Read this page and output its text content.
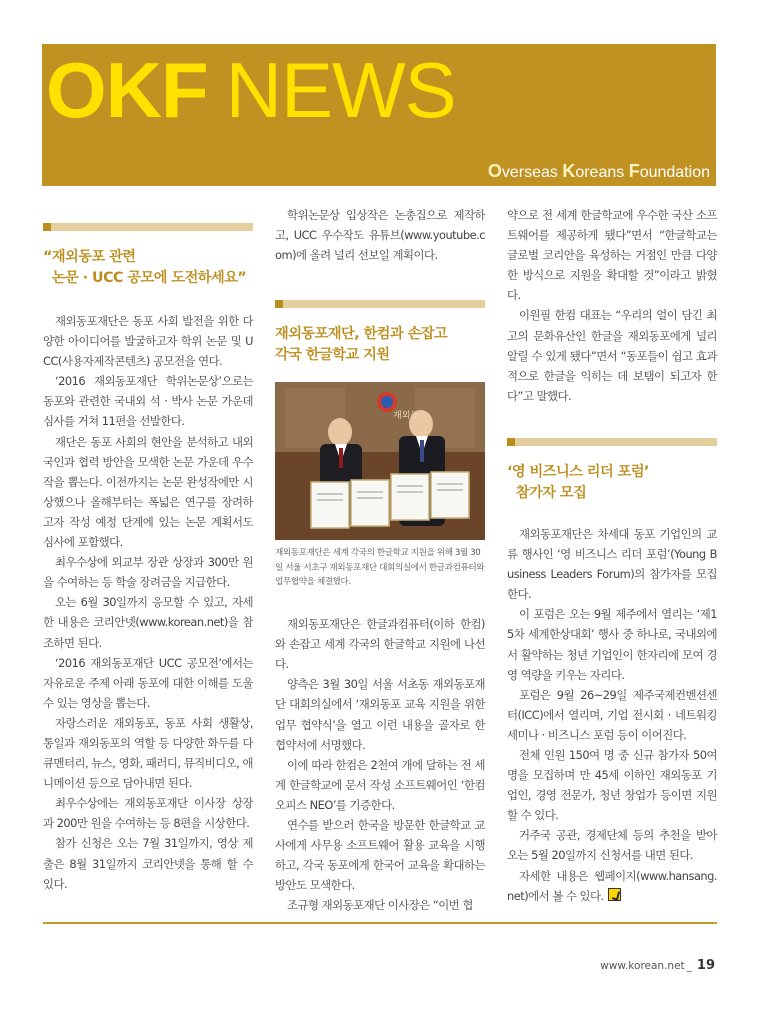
OKF NEWS
Overseas Koreans Foundation
“재외동포 관련
논문 · UCC 공모에 도전하세요”

재외동포재단은 동포 사회 발전을 위한 다양한 아이디어를 발굴하고자 학위 논문 및 UCC(사용자제작콘텐츠) 공모전을 연다.

‘2016 재외동포재단 학위논문상’으로는 동포와 관련한 국내외 석 · 박사 논문 가운데 심사를 거쳐 11편을 선발한다.

재단은 동포 사회의 현안을 분석하고 내외국인과 협력 방안을 모색한 논문 가운데 우수작을 뽑는다. 이전까지는 논문 완성작에만 시상했으나 올해부터는 폭넓은 연구를 장려하고자 작성 예정 단계에 있는 논문 계획서도 심사에 포함했다.

최우수상에 외교부 장관 상장과 300만 원을 수여하는 등 학술 장려금을 지급한다.

오는 6월 30일까지 응모할 수 있고, 자세한 내용은 코리안넷(www.korean.net)을 참조하면 된다.

‘2016 재외동포재단 UCC 공모전’에서는 자유로운 주제 아래 동포에 대한 이해를 도울 수 있는 영상을 뽑는다.

자랑스러운 재외동포, 동포 사회 생활상, 통일과 재외동포의 역할 등 다양한 화두를 다큐멘터리, 뉴스, 영화, 패러디, 뮤직비디오, 애니메이션 등으로 담아내면 된다.

최우수상에는 재외동포재단 이사장 상장과 200만 원을 수여하는 등 8편을 시상한다.

참가 신청은 오는 7월 31일까지, 영상 제출은 8월 31일까지 코리안넷을 통해 할 수 있다.

학위논문상 입상작은 논총집으로 제작하고, UCC 우수작도 유튜브(www.youtube.com)에 올려 널리 선보일 계획이다.

재외동포재단, 한컴과 손잡고
각국 한글학교 지원
재외동

재외동포재단은 세계 각국의 한글학교 지원을 위해 3월 30일 서울 서초구 재외동포재단 대회의실에서 한글과컴퓨터와 업무협약을 체결했다.

재외동포재단은 한글과컴퓨터(이하 한컴)와 손잡고 세계 각국의 한글학교 지원에 나선다.

양측은 3월 30일 서울 서초동 재외동포재단 대회의실에서 ‘재외동포 교육 지원을 위한 업무 협약식’을 열고 이런 내용을 골자로 한 협약서에 서명했다.

이에 따라 한컴은 2천여 개에 달하는 전 세계 한글학교에 문서 작성 소프트웨어인 ‘한컴오피스 NEO’를 기증한다.

연수를 받으러 한국을 방문한 한글학교 교사에게 사무용 소프트웨어 활용 교육을 시행하고, 각국 동포에게 한국어 교육을 확대하는 방안도 모색한다.

조규형 재외동포재단 이사장은 “이번 협

약으로 전 세계 한글학교에 우수한 국산 소프트웨어를 제공하게 됐다”면서 “한글학교는 글로벌 코리안을 육성하는 거점인 만큼 다양한 방식으로 지원을 확대할 것”이라고 밝혔다.

이원필 한컴 대표는 “우리의 얼이 담긴 최고의 문화유산인 한글을 재외동포에게 널리 알릴 수 있게 됐다”면서 “동포들이 쉽고 효과적으로 한글을 익히는 데 보탬이 되고자 한다”고 말했다.

‘영 비즈니스 리더 포럼’
참가자 모집

재외동포재단은 차세대 동포 기업인의 교류 행사인 ‘영 비즈니스 리더 포럼’(Young Business Leaders Forum)의 참가자를 모집한다.

이 포럼은 오는 9월 제주에서 열리는 ‘제15차 세계한상대회’ 행사 중 하나로, 국내외에서 활약하는 청년 기업인이 한자리에 모여 경영 역량을 키우는 자리다.

포럼은 9월 26~29일 제주국제컨벤션센터(ICC)에서 열리며, 기업 전시회 · 네트워킹 세미나 · 비즈니스 포럼 등이 이어진다.

전체 인원 150여 명 중 신규 참가자 50여 명을 모집하며 만 45세 이하인 재외동포 기업인, 경영 전문가, 청년 창업가 등이면 지원할 수 있다.

거주국 공관, 경제단체 등의 추천을 받아 오는 5월 20일까지 신청서를 내면 된다.

자세한 내용은 웹페이지(www.hansang.net)에서 볼 수 있다.

www.korean.net _ 19
